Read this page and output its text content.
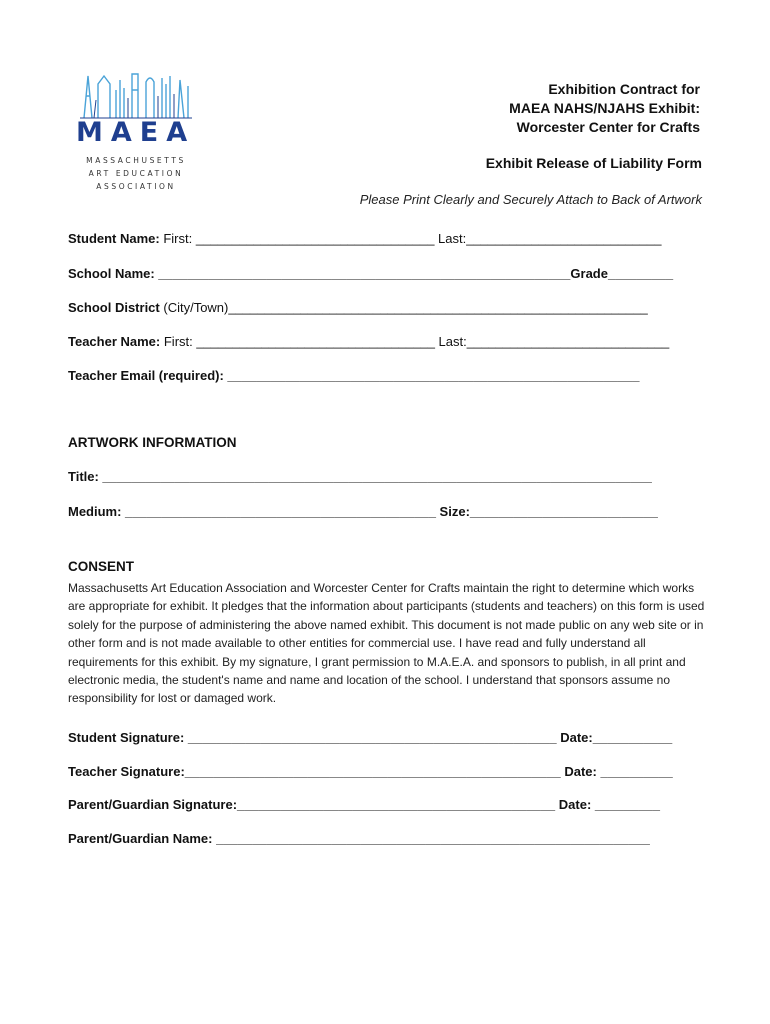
MAEA
MASSACHUSETTS
ART EDUCATION
ASSOCIATION
Exhibition Contract for
MAEA NAHS/NJAHS Exhibit:
Worcester Center for Crafts
Exhibit Release of Liability Form
Please Print Clearly and Securely Attach to Back of Artwork
Student Name: First: _________________________________ Last:___________________________
School Name: _________________________________________________________Grade_________
School District (City/Town)__________________________________________________________
Teacher Name: First: _________________________________ Last:____________________________
Teacher Email (required): _________________________________________________________
ARTWORK INFORMATION
Title: ____________________________________________________________________________
Medium: ___________________________________________ Size:__________________________
CONSENT
Massachusetts Art Education Association and Worcester Center for Crafts maintain the right to determine which works are appropriate for exhibit. It pledges that the information about participants (students and teachers) on this form is used solely for the purpose of administering the above named exhibit. This document is not made public on any web site or in other form and is not made available to other entities for commercial use. I have read and fully understand all requirements for this exhibit. By my signature, I grant permission to M.A.E.A. and sponsors to publish, in all print and electronic media, the student's name and name and location of the school. I understand that sponsors assume no responsibility for lost or damaged work.
Student Signature: ___________________________________________________ Date:___________
Teacher Signature:____________________________________________________ Date: __________
Parent/Guardian Signature:____________________________________________ Date: _________
Parent/Guardian Name: ____________________________________________________________
